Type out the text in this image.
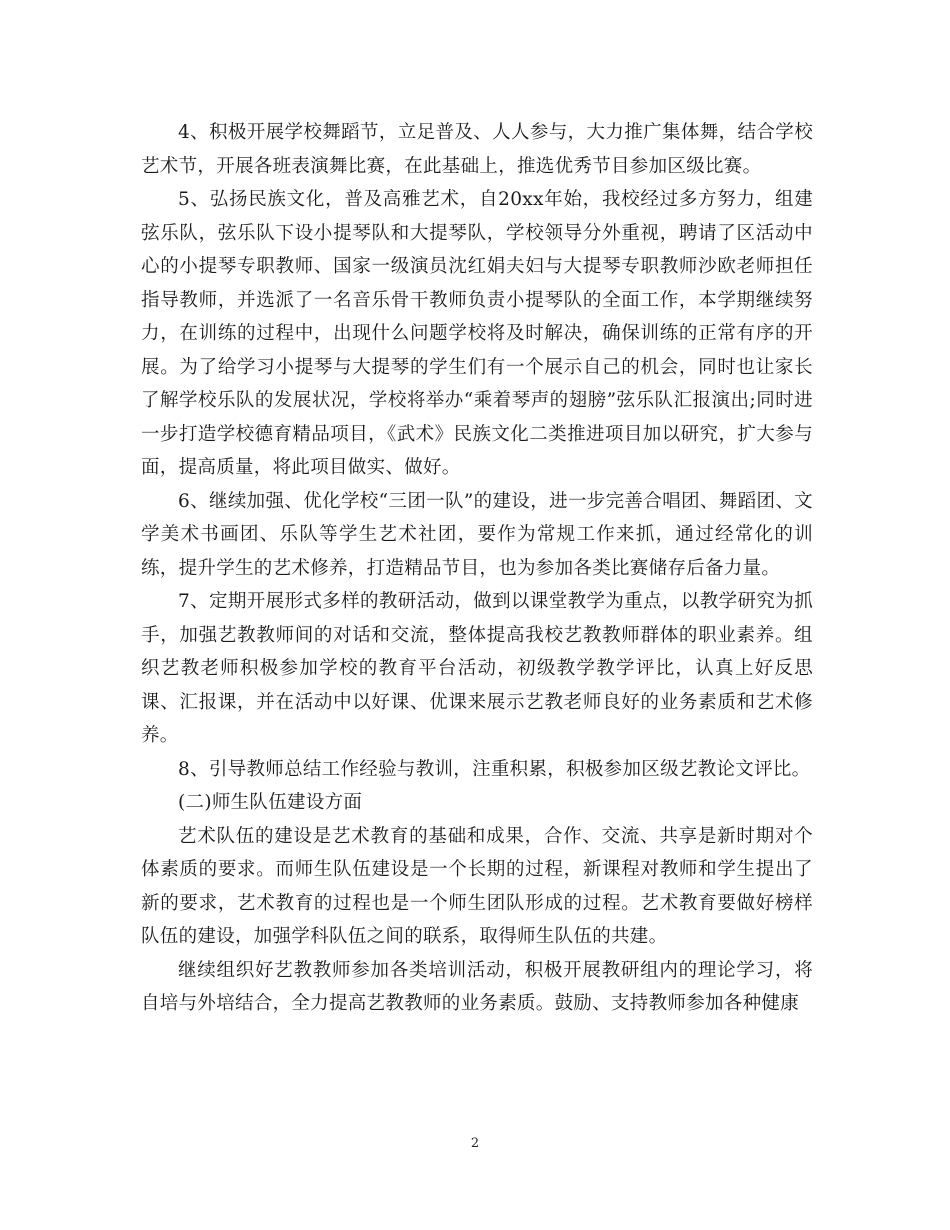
4、积极开展学校舞蹈节，立足普及、人人参与，大力推广集体舞，结合学校艺术节，开展各班表演舞比赛，在此基础上，推选优秀节目参加区级比赛。

5、弘扬民族文化，普及高雅艺术，自20xx年始，我校经过多方努力，组建弦乐队，弦乐队下设小提琴队和大提琴队，学校领导分外重视，聘请了区活动中心的小提琴专职教师、国家一级演员沈红娟夫妇与大提琴专职教师沙欧老师担任指导教师，并选派了一名音乐骨干教师负责小提琴队的全面工作，本学期继续努力，在训练的过程中，出现什么问题学校将及时解决，确保训练的正常有序的开展。为了给学习小提琴与大提琴的学生们有一个展示自己的机会，同时也让家长了解学校乐队的发展状况，学校将举办“乘着琴声的翅膀”弦乐队汇报演出;同时进一步打造学校德育精品项目，《武术》民族文化二类推进项目加以研究，扩大参与面，提高质量，将此项目做实、做好。

6、继续加强、优化学校“三团一队”的建设，进一步完善合唱团、舞蹈团、文学美术书画团、乐队等学生艺术社团，要作为常规工作来抓，通过经常化的训练，提升学生的艺术修养，打造精品节目，也为参加各类比赛储存后备力量。

7、定期开展形式多样的教研活动，做到以课堂教学为重点，以教学研究为抓手，加强艺教教师间的对话和交流，整体提高我校艺教教师群体的职业素养。组织艺教老师积极参加学校的教育平台活动，初级教学教学评比，认真上好反思课、汇报课，并在活动中以好课、优课来展示艺教老师良好的业务素质和艺术修养。

8、引导教师总结工作经验与教训，注重积累，积极参加区级艺教论文评比。

(二)师生队伍建设方面

艺术队伍的建设是艺术教育的基础和成果，合作、交流、共享是新时期对个体素质的要求。而师生队伍建设是一个长期的过程，新课程对教师和学生提出了新的要求，艺术教育的过程也是一个师生团队形成的过程。艺术教育要做好榜样队伍的建设，加强学科队伍之间的联系，取得师生队伍的共建。

继续组织好艺教教师参加各类培训活动，积极开展教研组内的理论学习，将自培与外培结合，全力提高艺教教师的业务素质。鼓励、支持教师参加各种健康

2
